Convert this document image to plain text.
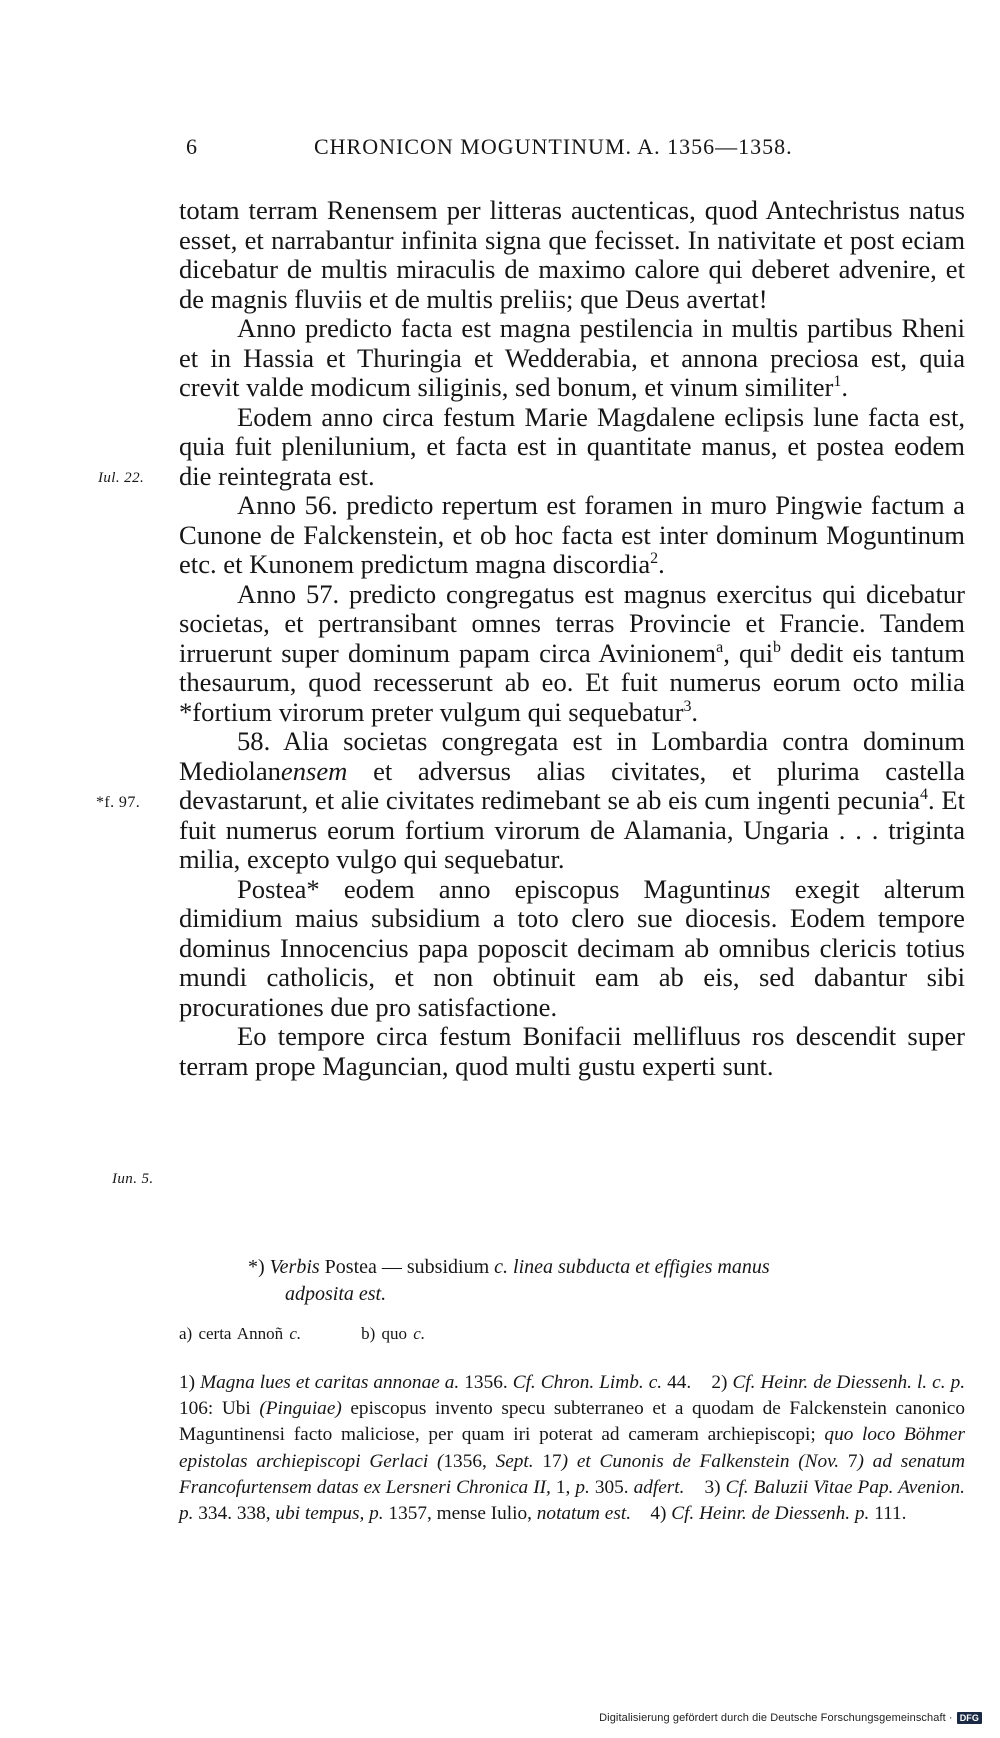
6	CHRONICON MOGUNTINUM. A. 1356—1358.
Iul. 22.
*f. 97.
Iun. 5.

totam terram Renensem per litteras auctenticas, quod Antechristus natus esset, et narrabantur infinita signa que fecisset. In nativitate et post eciam dicebatur de multis miraculis de maximo calore qui deberet advenire, et de magnis fluviis et de multis preliis; que Deus avertat!

Anno predicto facta est magna pestilencia in multis partibus Rheni et in Hassia et Thuringia et Wedderabia, et annona preciosa est, quia crevit valde modicum siliginis, sed bonum, et vinum similiter$^1$.

Eodem anno circa festum Marie Magdalene eclipsis lune facta est, quia fuit plenilunium, et facta est in quantitate manus, et postea eodem die reintegrata est.

Anno 56. predicto repertum est foramen in muro Pingwie factum a Cunone de Falckenstein, et ob hoc facta est inter dominum Moguntinum etc. et Kunonem predictum magna discordia$^2$.

Anno 57. predicto congregatus est magnus exercitus qui dicebatur societas, et pertransibant omnes terras Provincie et Francie. Tandem irruerunt super dominum papam circa Avinionem$^a$, qui$^b$ dedit eis tantum thesaurum, quod recesserunt ab eo. Et fuit numerus eorum octo milia *fortium virorum preter vulgum qui sequebatur$^3$.

58. Alia societas congregata est in Lombardia contra dominum Mediolanensem et adversus alias civitates, et plurima castella devastarunt, et alie civitates redimebant se ab eis cum ingenti pecunia$^4$. Et fuit numerus eorum fortium virorum de Alamania, Ungaria . . . triginta milia, excepto vulgo qui sequebatur.

Postea* eodem anno episcopus Maguntinus exegit alterum dimidium maius subsidium a toto clero sue diocesis. Eodem tempore dominus Innocencius papa poposcit decimam ab omnibus clericis totius mundi catholicis, et non obtinuit eam ab eis, sed dabantur sibi procurationes due pro satisfactione.

Eo tempore circa festum Bonifacii mellifluus ros descendit super terram prope Maguncian, quod multi gustu experti sunt.

*) Verbis Postea — subsidium c. linea subducta et effigies manus
adposita est.
a) certa Annoñ c.	b) quo c.
1) Magna lues et caritas annonae a. 1356. Cf. Chron. Limb. c. 44. 2) Cf. Heinr. de Diessenh. l. c. p. 106: Ubi (Pinguiae) episcopus invento specu subterraneo et a quodam de Falckenstein canonico Maguntinensi facto maliciose, per quam iri poterat ad cameram archiepiscopi; quo loco Böhmer epistolas archiepiscopi Gerlaci (1356, Sept. 17) et Cunonis de Falkenstein (Nov. 7) ad senatum Francofurtensem datas ex Lersneri Chronica II, 1, p. 305. adfert. 3) Cf. Baluzii Vitae Pap. Avenion. p. 334. 338, ubi tempus, p. 1357, mense Iulio, notatum est. 4) Cf. Heinr. de Diessenh. p. 111.
Digitalisierung gefördert durch die Deutsche Forschungsgemeinschaft · DFG
